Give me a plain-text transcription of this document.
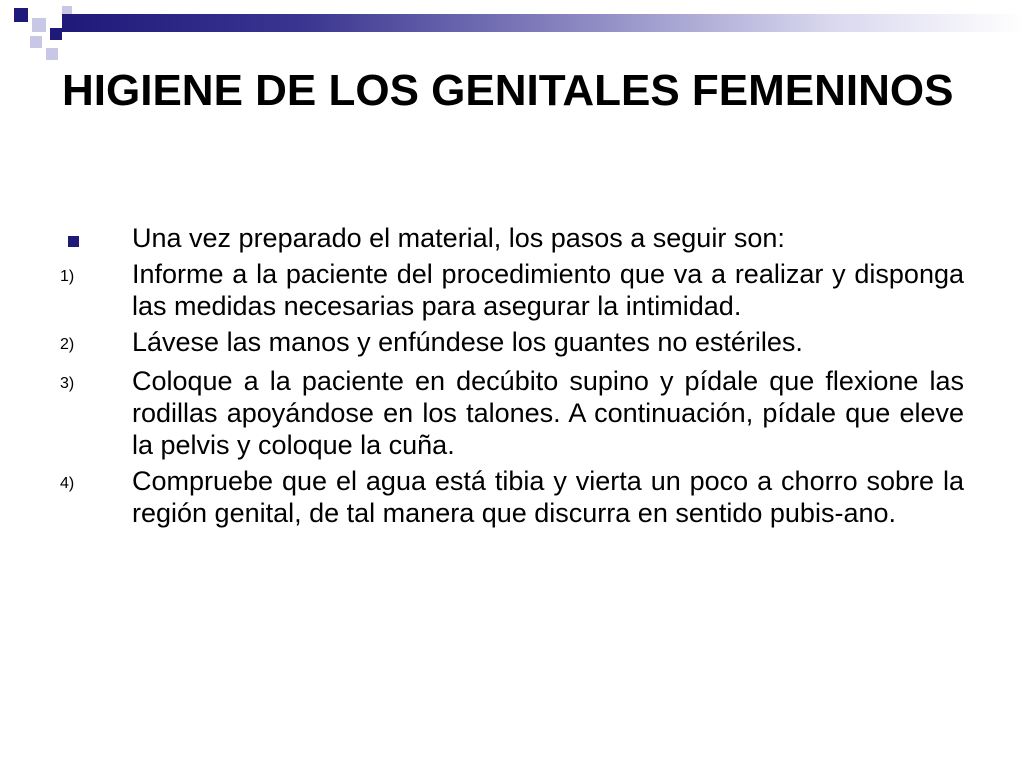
HIGIENE DE LOS GENITALES FEMENINOS
Una vez preparado el material, los pasos a seguir son:
1)	Informe a la paciente del procedimiento que va a realizar y disponga las medidas necesarias para asegurar la intimidad.
2)	Lávese las manos y enfúndese los guantes no estériles.
3)	Coloque a la paciente en decúbito supino y pídale que flexione las rodillas apoyándose en los talones. A continuación, pídale que eleve la pelvis y coloque la cuña.
4)	Compruebe que el agua está tibia y vierta un poco a chorro sobre la región genital, de tal manera que discurra en sentido pubis-ano.
